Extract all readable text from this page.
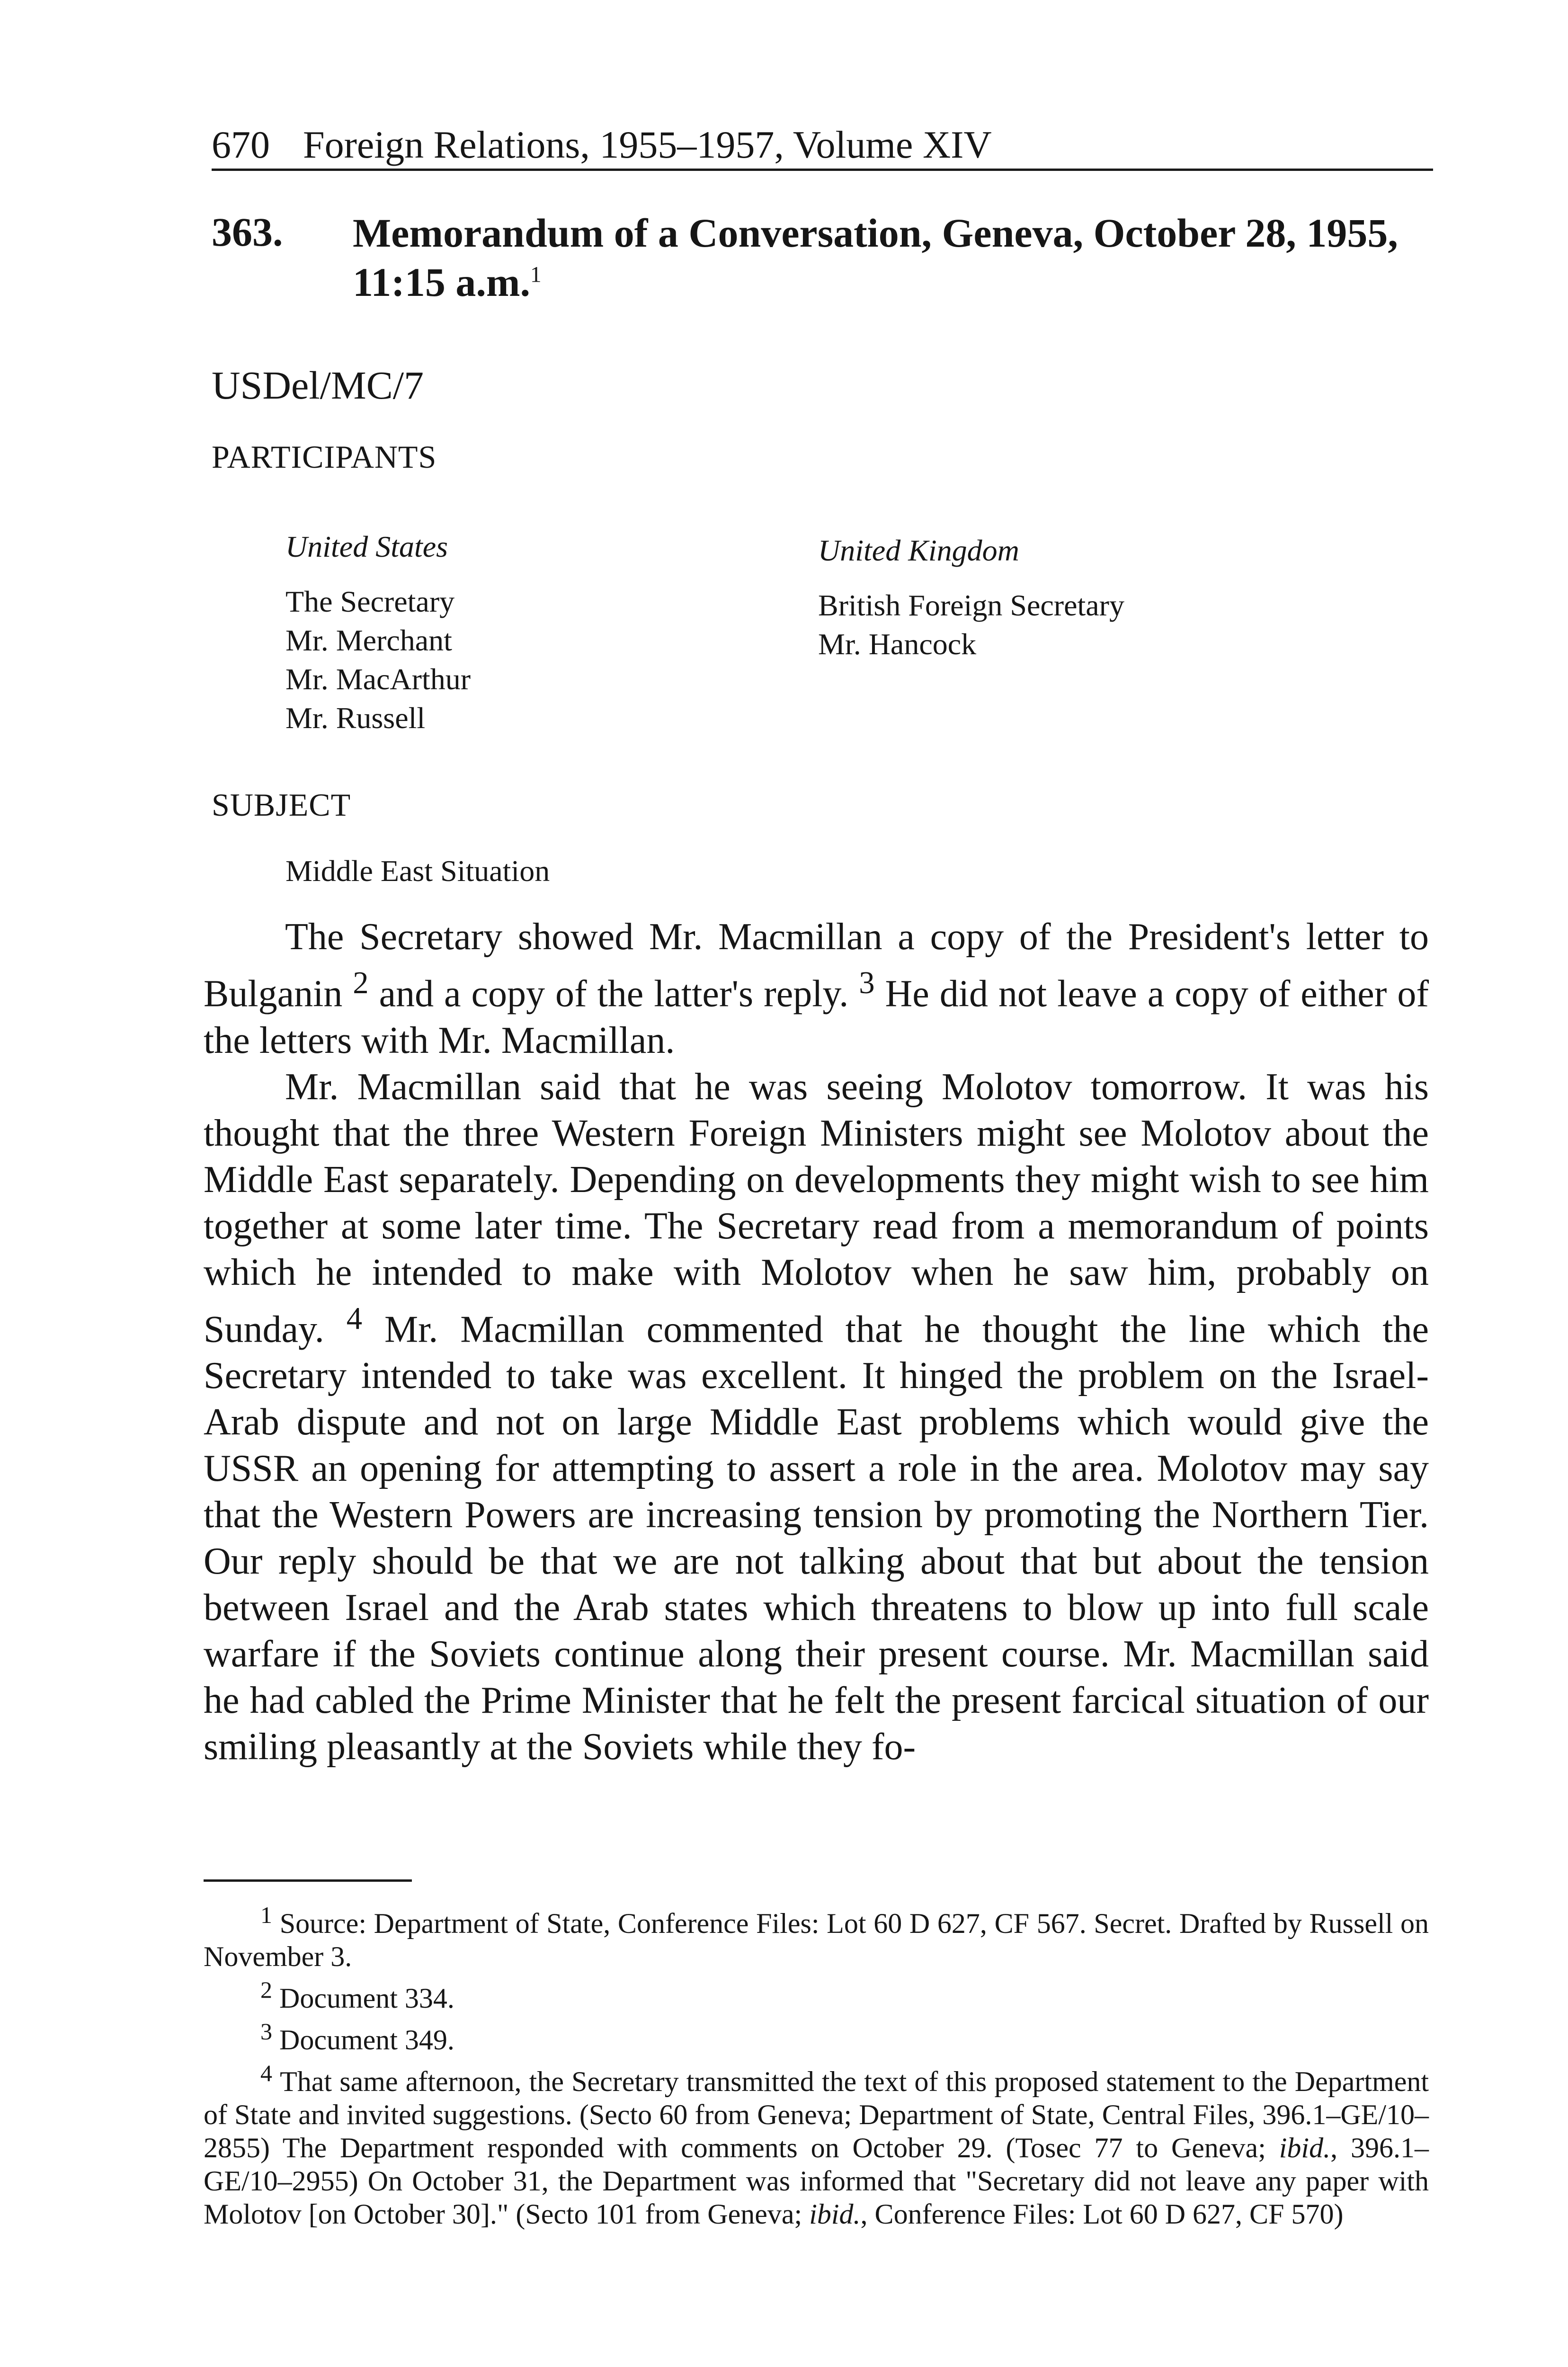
670 Foreign Relations, 1955–1957, Volume XIV
363. Memorandum of a Conversation, Geneva, October 28, 1955, 11:15 a.m.$^1$
USDel/MC/7
PARTICIPANTS
United States
The Secretary
Mr. Merchant
Mr. MacArthur
Mr. Russell
United Kingdom
British Foreign Secretary
Mr. Hancock
SUBJECT
Middle East Situation

The Secretary showed Mr. Macmillan a copy of the President's letter to Bulganin $^2$ and a copy of the latter's reply. $^3$ He did not leave a copy of either of the letters with Mr. Macmillan.

Mr. Macmillan said that he was seeing Molotov tomorrow. It was his thought that the three Western Foreign Ministers might see Molotov about the Middle East separately. Depending on developments they might wish to see him together at some later time. The Secretary read from a memorandum of points which he intended to make with Molotov when he saw him, probably on Sunday. $^4$ Mr. Macmillan commented that he thought the line which the Secretary intended to take was excellent. It hinged the problem on the Israel-Arab dispute and not on large Middle East problems which would give the USSR an opening for attempting to assert a role in the area. Molotov may say that the Western Powers are increasing tension by promoting the Northern Tier. Our reply should be that we are not talking about that but about the tension between Israel and the Arab states which threatens to blow up into full scale warfare if the Soviets continue along their present course. Mr. Macmillan said he had cabled the Prime Minister that he felt the present farcical situation of our smiling pleasantly at the Soviets while they fo-

$^1$ Source: Department of State, Conference Files: Lot 60 D 627, CF 567. Secret. Drafted by Russell on November 3.

$^2$ Document 334.

$^3$ Document 349.

$^4$ That same afternoon, the Secretary transmitted the text of this proposed statement to the Department of State and invited suggestions. (Secto 60 from Geneva; Department of State, Central Files, 396.1–GE/10–2855) The Department responded with comments on October 29. (Tosec 77 to Geneva; ibid., 396.1–GE/10–2955) On October 31, the Department was informed that "Secretary did not leave any paper with Molotov [on October 30]." (Secto 101 from Geneva; ibid., Conference Files: Lot 60 D 627, CF 570)
